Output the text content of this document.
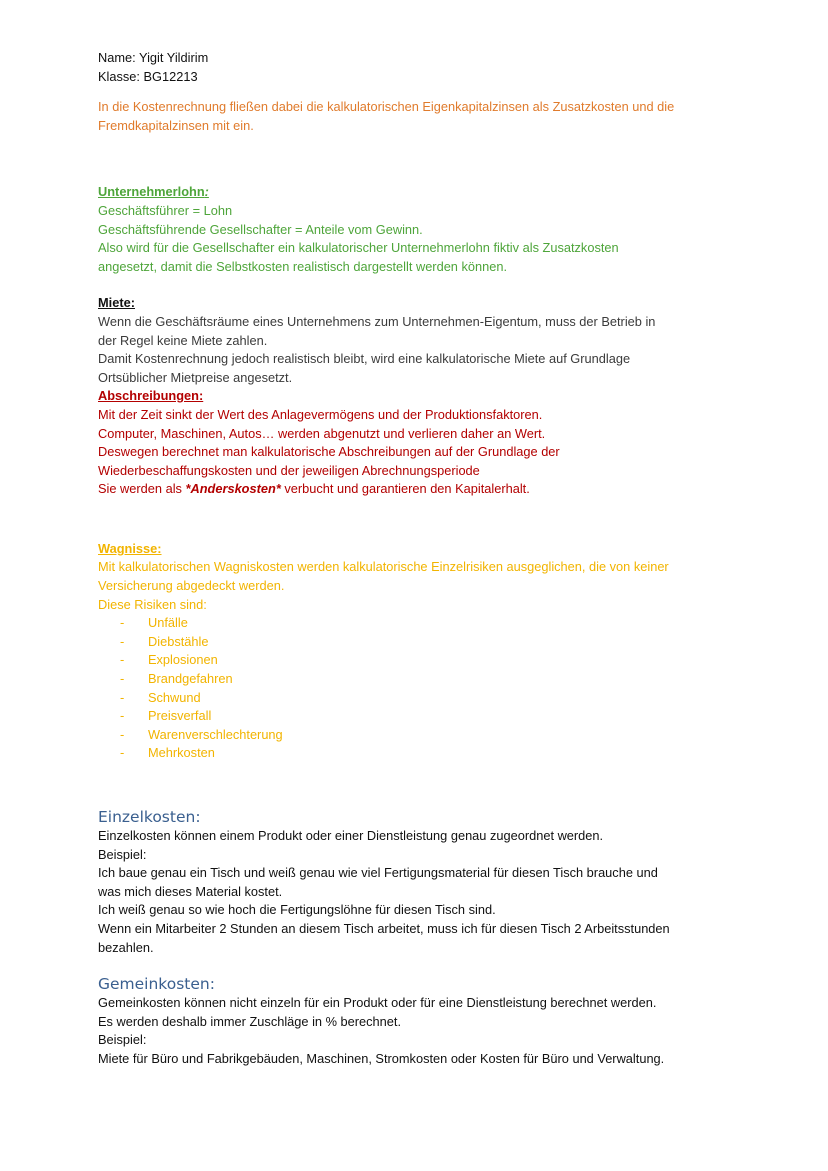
Name: Yigit Yildirim

Klasse: BG12213

In die Kostenrechnung fließen dabei die kalkulatorischen Eigenkapitalzinsen als Zusatzkosten und die

Fremdkapitalzinsen mit ein.

Unternehmerlohn:

Geschäftsführer = Lohn

Geschäftsführende Gesellschafter = Anteile vom Gewinn.

Also wird für die Gesellschafter ein kalkulatorischer Unternehmerlohn fiktiv als Zusatzkosten

angesetzt, damit die Selbstkosten realistisch dargestellt werden können.

Miete:

Wenn die Geschäftsräume eines Unternehmens zum Unternehmen-Eigentum, muss der Betrieb in

der Regel keine Miete zahlen.

Damit Kostenrechnung jedoch realistisch bleibt, wird eine kalkulatorische Miete auf Grundlage

Ortsüblicher Mietpreise angesetzt.

Abschreibungen:

Mit der Zeit sinkt der Wert des Anlagevermögens und der Produktionsfaktoren.

Computer, Maschinen, Autos… werden abgenutzt und verlieren daher an Wert.

Deswegen berechnet man kalkulatorische Abschreibungen auf der Grundlage der

Wiederbeschaffungskosten und der jeweiligen Abrechnungsperiode

Sie werden als *Anderskosten* verbucht und garantieren den Kapitalerhalt.

Wagnisse:

Mit kalkulatorischen Wagniskosten werden kalkulatorische Einzelrisiken ausgeglichen, die von keiner

Versicherung abgedeckt werden.

Diese Risiken sind:

- Unfälle
- Diebstähle
- Explosionen
- Brandgefahren
- Schwund
- Preisverfall
- Warenverschlechterung
- Mehrkosten
Einzelkosten:

Einzelkosten können einem Produkt oder einer Dienstleistung genau zugeordnet werden.

Beispiel:

Ich baue genau ein Tisch und weiß genau wie viel Fertigungsmaterial für diesen Tisch brauche und

was mich dieses Material kostet.

Ich weiß genau so wie hoch die Fertigungslöhne für diesen Tisch sind.

Wenn ein Mitarbeiter 2 Stunden an diesem Tisch arbeitet, muss ich für diesen Tisch 2 Arbeitsstunden

bezahlen.

Gemeinkosten:

Gemeinkosten können nicht einzeln für ein Produkt oder für eine Dienstleistung berechnet werden.

Es werden deshalb immer Zuschläge in % berechnet.

Beispiel:

Miete für Büro und Fabrikgebäuden, Maschinen, Stromkosten oder Kosten für Büro und Verwaltung.
